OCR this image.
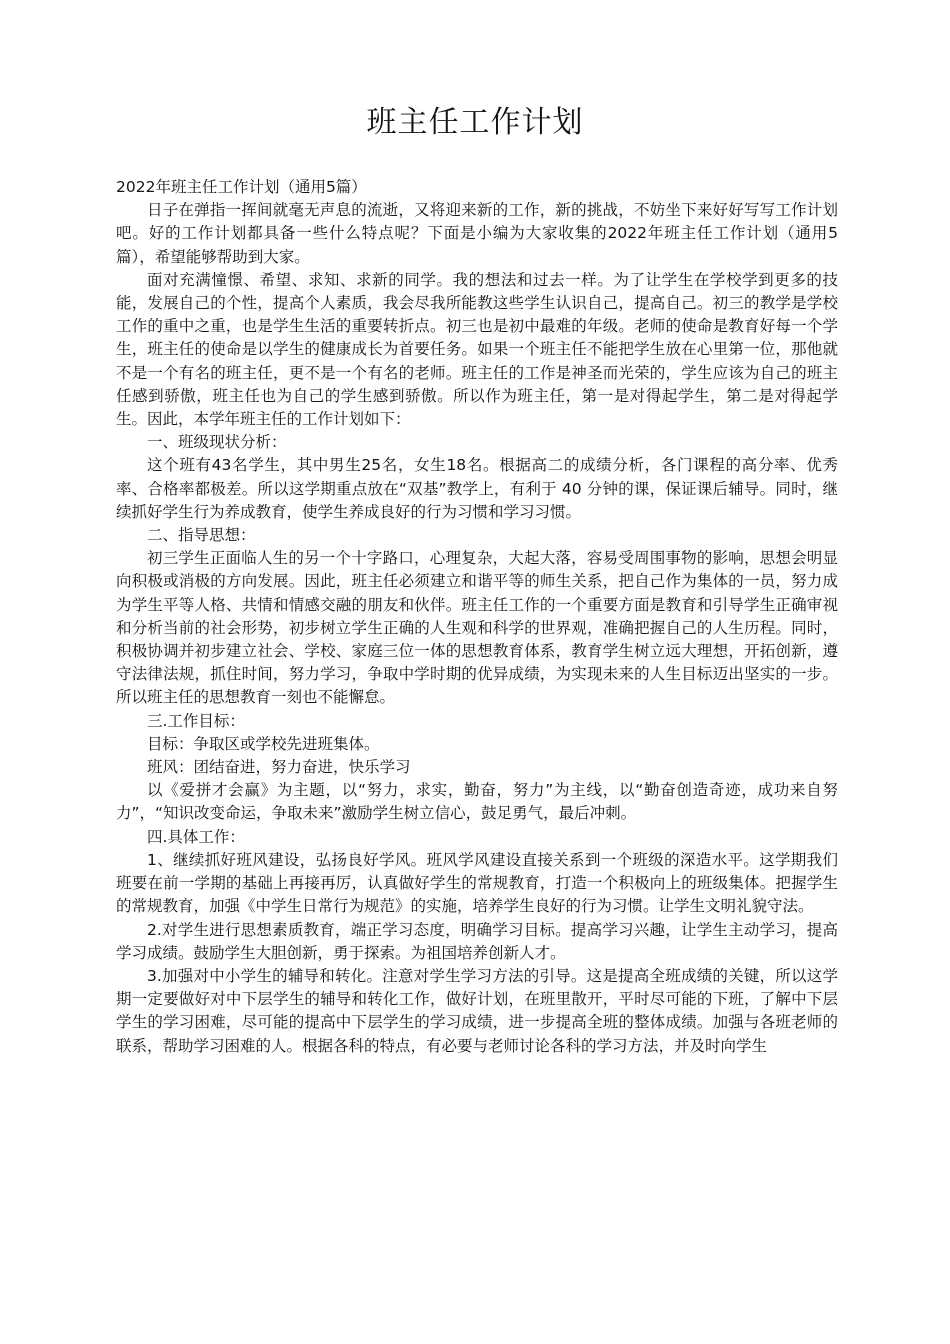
班主任工作计划

2022年班主任工作计划（通用5篇）

日子在弹指一挥间就毫无声息的流逝，又将迎来新的工作，新的挑战，不妨坐下来好好写写工作计划吧。好的工作计划都具备一些什么特点呢？下面是小编为大家收集的2022年班主任工作计划（通用5篇），希望能够帮助到大家。

面对充满憧憬、希望、求知、求新的同学。我的想法和过去一样。为了让学生在学校学到更多的技能，发展自己的个性，提高个人素质，我会尽我所能教这些学生认识自己，提高自己。初三的教学是学校工作的重中之重，也是学生生活的重要转折点。初三也是初中最难的年级。老师的使命是教育好每一个学生，班主任的使命是以学生的健康成长为首要任务。如果一个班主任不能把学生放在心里第一位，那他就不是一个有名的班主任，更不是一个有名的老师。班主任的工作是神圣而光荣的，学生应该为自己的班主任感到骄傲，班主任也为自己的学生感到骄傲。所以作为班主任，第一是对得起学生，第二是对得起学生。因此，本学年班主任的工作计划如下：

一、班级现状分析：

这个班有43名学生，其中男生25名，女生18名。根据高二的成绩分析，各门课程的高分率、优秀率、合格率都极差。所以这学期重点放在“双基”教学上，有利于 40 分钟的课，保证课后辅导。同时，继续抓好学生行为养成教育，使学生养成良好的行为习惯和学习习惯。

二、指导思想：

初三学生正面临人生的另一个十字路口，心理复杂，大起大落，容易受周围事物的影响，思想会明显向积极或消极的方向发展。因此，班主任必须建立和谐平等的师生关系，把自己作为集体的一员，努力成为学生平等人格、共情和情感交融的朋友和伙伴。班主任工作的一个重要方面是教育和引导学生正确审视和分析当前的社会形势，初步树立学生正确的人生观和科学的世界观，准确把握自己的人生历程。同时，积极协调并初步建立社会、学校、家庭三位一体的思想教育体系，教育学生树立远大理想，开拓创新，遵守法律法规，抓住时间，努力学习，争取中学时期的优异成绩，为实现未来的人生目标迈出坚实的一步。所以班主任的思想教育一刻也不能懈怠。

三.工作目标：

目标：争取区或学校先进班集体。

班风：团结奋进，努力奋进，快乐学习

以《爱拼才会赢》为主题，以“努力，求实，勤奋，努力”为主线，以“勤奋创造奇迹，成功来自努力”，“知识改变命运，争取未来”激励学生树立信心，鼓足勇气，最后冲刺。

四.具体工作：

1、继续抓好班风建设，弘扬良好学风。班风学风建设直接关系到一个班级的深造水平。这学期我们班要在前一学期的基础上再接再厉，认真做好学生的常规教育，打造一个积极向上的班级集体。把握学生的常规教育，加强《中学生日常行为规范》的实施，培养学生良好的行为习惯。让学生文明礼貌守法。

2.对学生进行思想素质教育，端正学习态度，明确学习目标。提高学习兴趣，让学生主动学习，提高学习成绩。鼓励学生大胆创新，勇于探索。为祖国培养创新人才。

3.加强对中小学生的辅导和转化。注意对学生学习方法的引导。这是提高全班成绩的关键，所以这学期一定要做好对中下层学生的辅导和转化工作，做好计划，在班里散开，平时尽可能的下班，了解中下层学生的学习困难，尽可能的提高中下层学生的学习成绩，进一步提高全班的整体成绩。加强与各班老师的联系，帮助学习困难的人。根据各科的特点，有必要与老师讨论各科的学习方法，并及时向学生
